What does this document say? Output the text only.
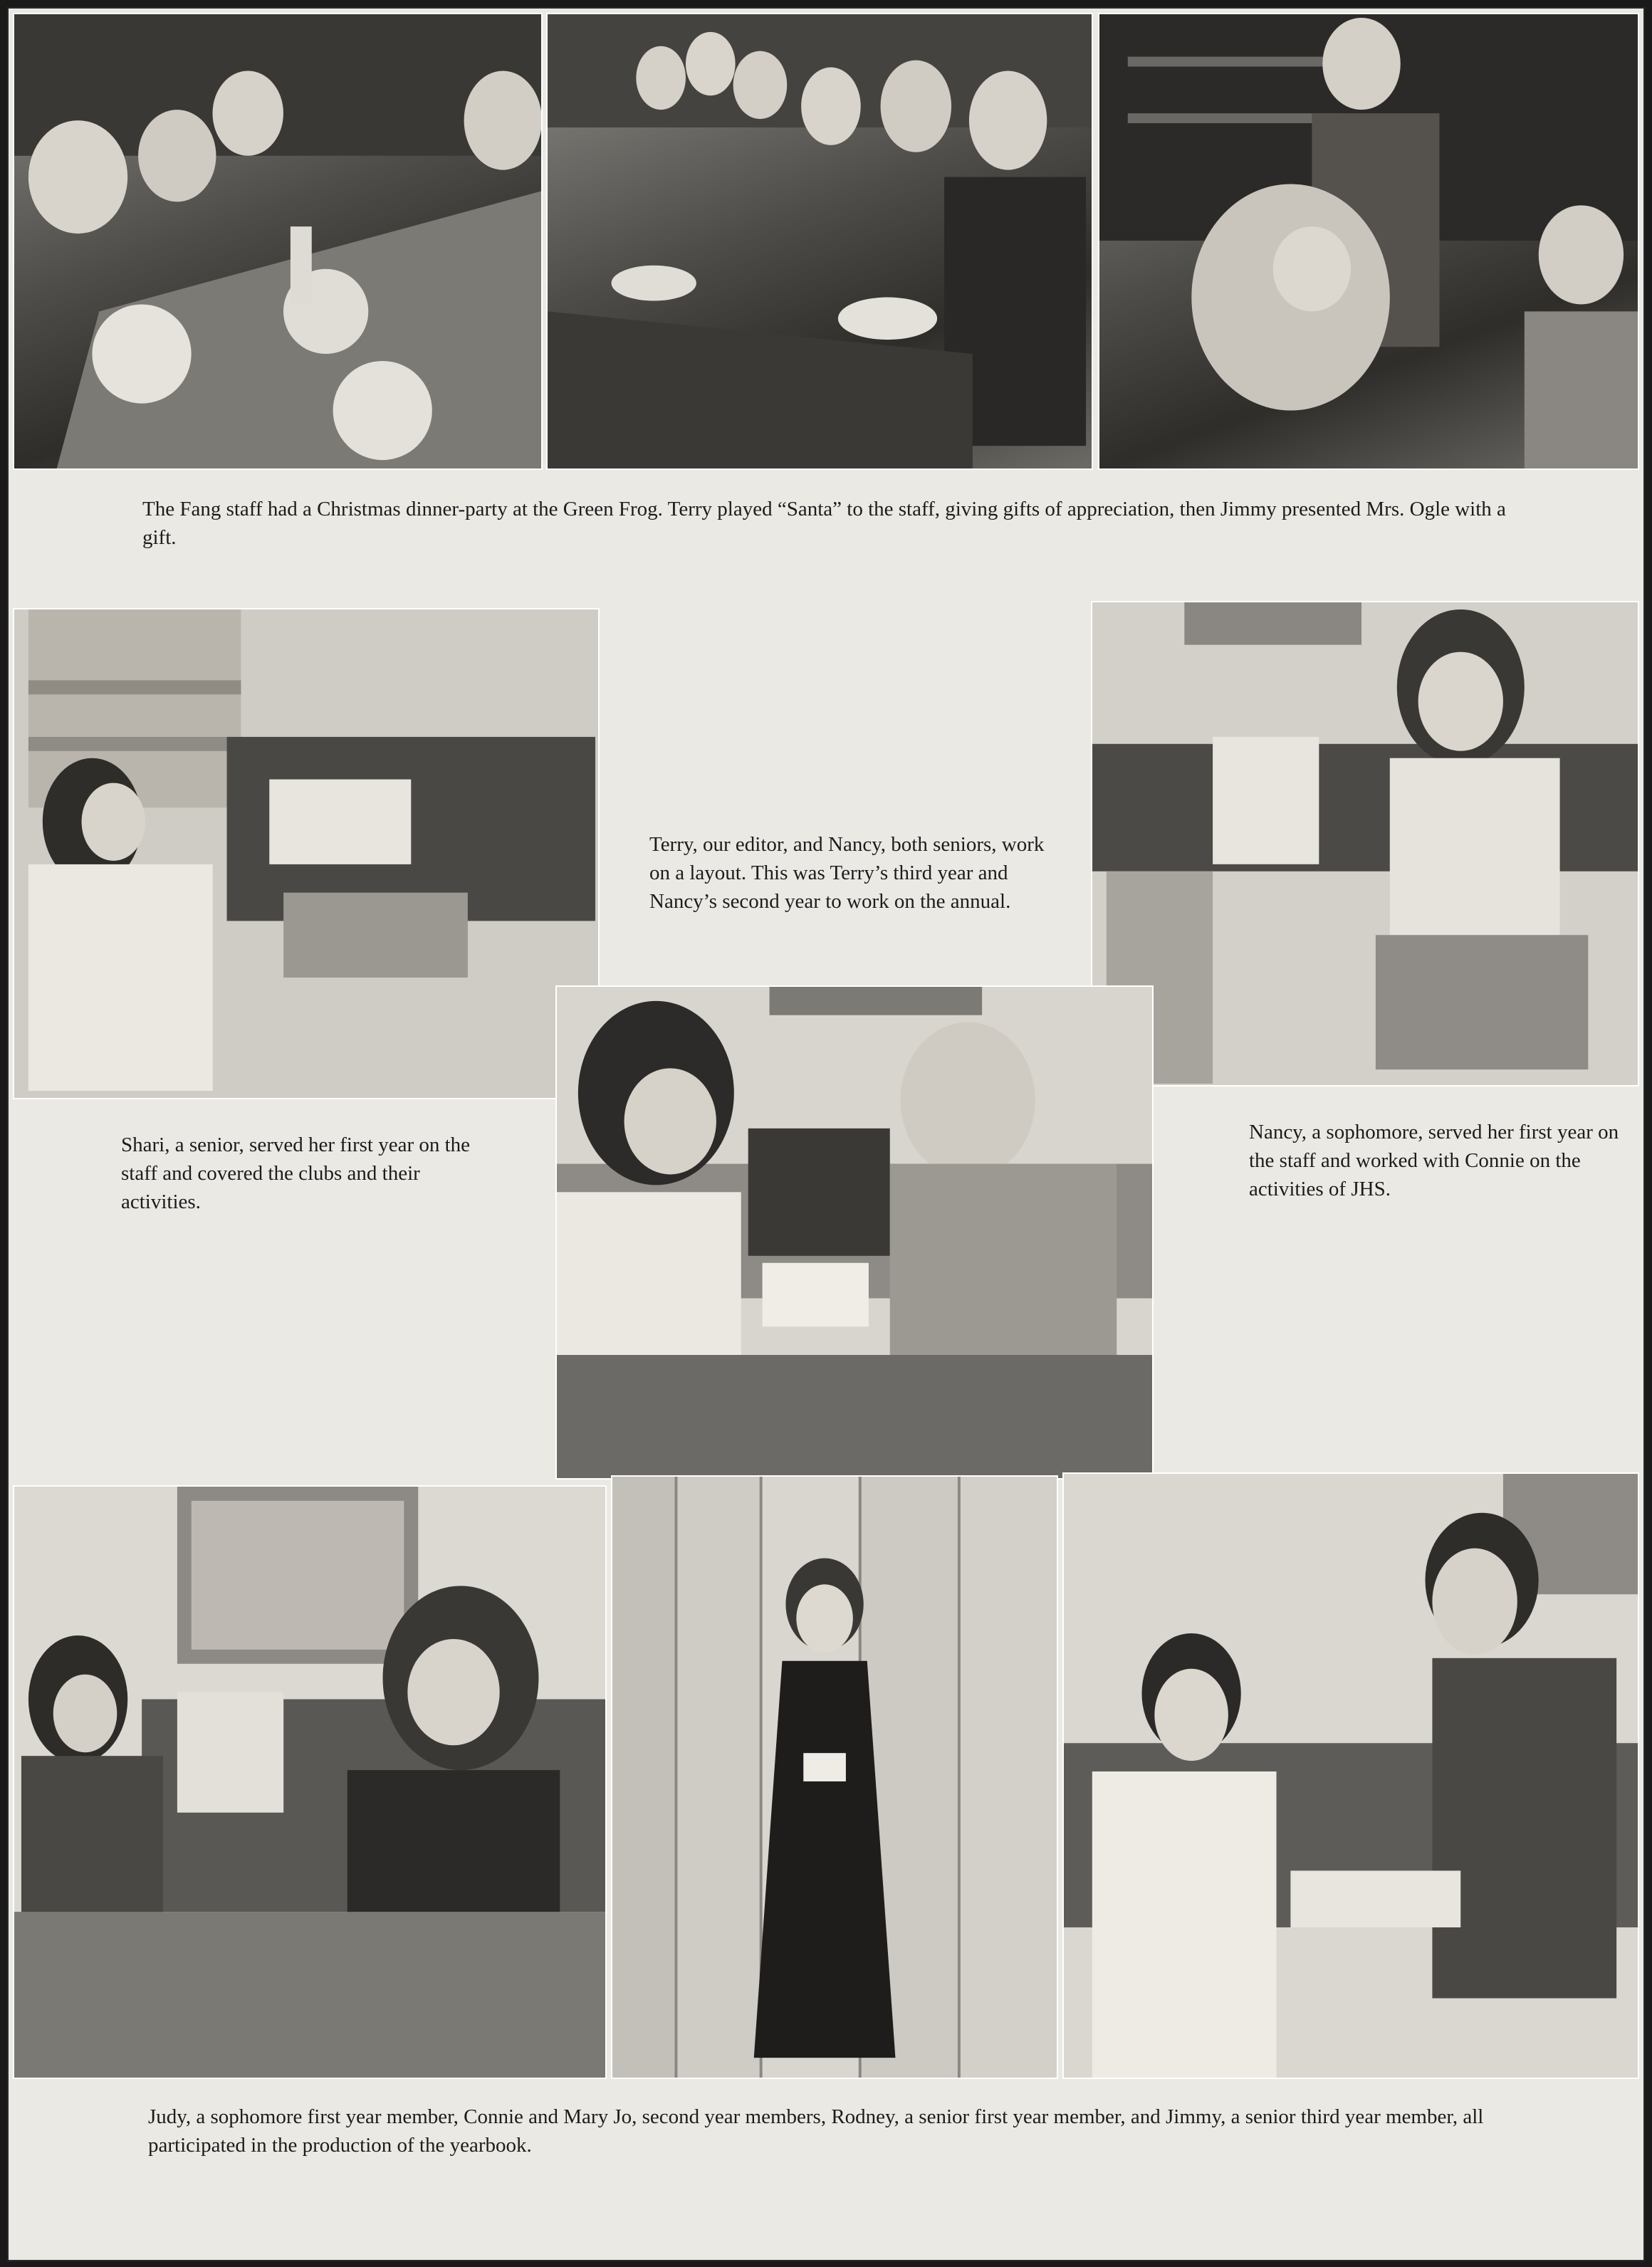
The Fang staff had a Christmas dinner-party at the Green Frog. Terry played “Santa” to the staff, giving gifts of appreciation, then Jimmy presented Mrs. Ogle with a gift.

Terry, our editor, and Nancy, both seniors, work on a layout. This was Terry’s third year and Nancy’s second year to work on the annual.

Shari, a senior, served her first year on the staff and covered the clubs and their activities.

Nancy, a sophomore, served her first year on the staff and worked with Connie on the activities of JHS.

Judy, a sophomore first year member, Connie and Mary Jo, second year members, Rodney, a senior first year member, and Jimmy, a senior third year member, all participated in the production of the yearbook.
